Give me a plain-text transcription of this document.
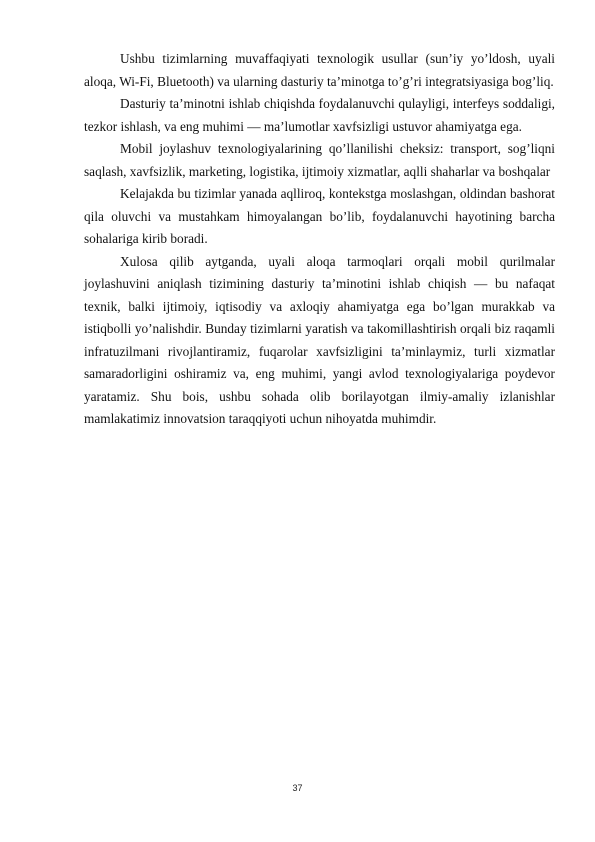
Ushbu tizimlarning muvaffaqiyati texnologik usullar (sun’iy yo’ldosh, uyali aloqa, Wi-Fi, Bluetooth) va ularning dasturiy ta’minotga to’g’ri integratsiyasiga bog’liq.

Dasturiy ta’minotni ishlab chiqishda foydalanuvchi qulayligi, interfeys soddaligi, tezkor ishlash, va eng muhimi — ma’lumotlar xavfsizligi ustuvor ahamiyatga ega.

Mobil joylashuv texnologiyalarining qo’llanilishi cheksiz: transport, sog’liqni saqlash, xavfsizlik, marketing, logistika, ijtimoiy xizmatlar, aqlli shaharlar va boshqalar

Kelajakda bu tizimlar yanada aqlliroq, kontekstga moslashgan, oldindan bashorat qila oluvchi va mustahkam himoyalangan bo’lib, foydalanuvchi hayotining barcha sohalariga kirib boradi.

Xulosa qilib aytganda, uyali aloqa tarmoqlari orqali mobil qurilmalar joylashuvini aniqlash tizimining dasturiy ta’minotini ishlab chiqish — bu nafaqat texnik, balki ijtimoiy, iqtisodiy va axloqiy ahamiyatga ega bo’lgan murakkab va istiqbolli yo’nalishdir. Bunday tizimlarni yaratish va takomillashtirish orqali biz raqamli infratuzilmani rivojlantiramiz, fuqarolar xavfsizligini ta’minlaymiz, turli xizmatlar samaradorligini oshiramiz va, eng muhimi, yangi avlod texnologiyalariga poydevor yaratamiz. Shu bois, ushbu sohada olib borilayotgan ilmiy-amaliy izlanishlar mamlakatimiz innovatsion taraqqiyoti uchun nihoyatda muhimdir.

37
